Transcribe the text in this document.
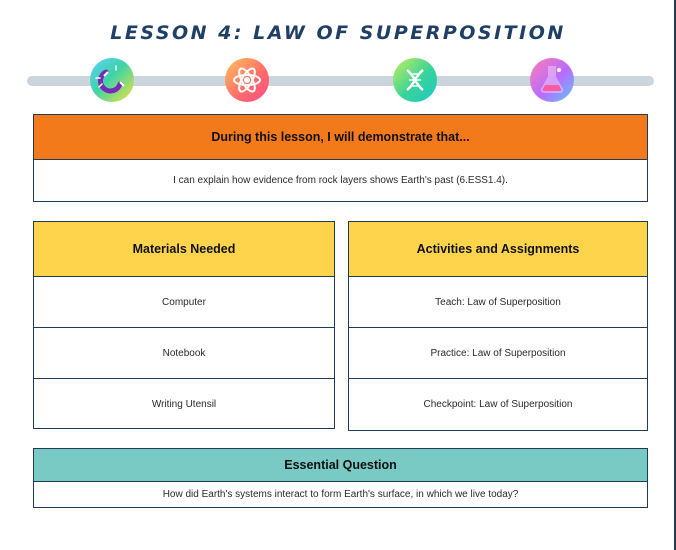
LESSON 4: LAW OF SUPERPOSITION
During this lesson, I will demonstrate that...
I can explain how evidence from rock layers shows Earth's past (6.ESS1.4).
Materials Needed
Computer
Notebook
Writing Utensil
Activities and Assignments
Teach: Law of Superposition
Practice: Law of Superposition
Checkpoint: Law of Superposition
Essential Question
How did Earth's systems interact to form Earth's surface, in which we live today?
